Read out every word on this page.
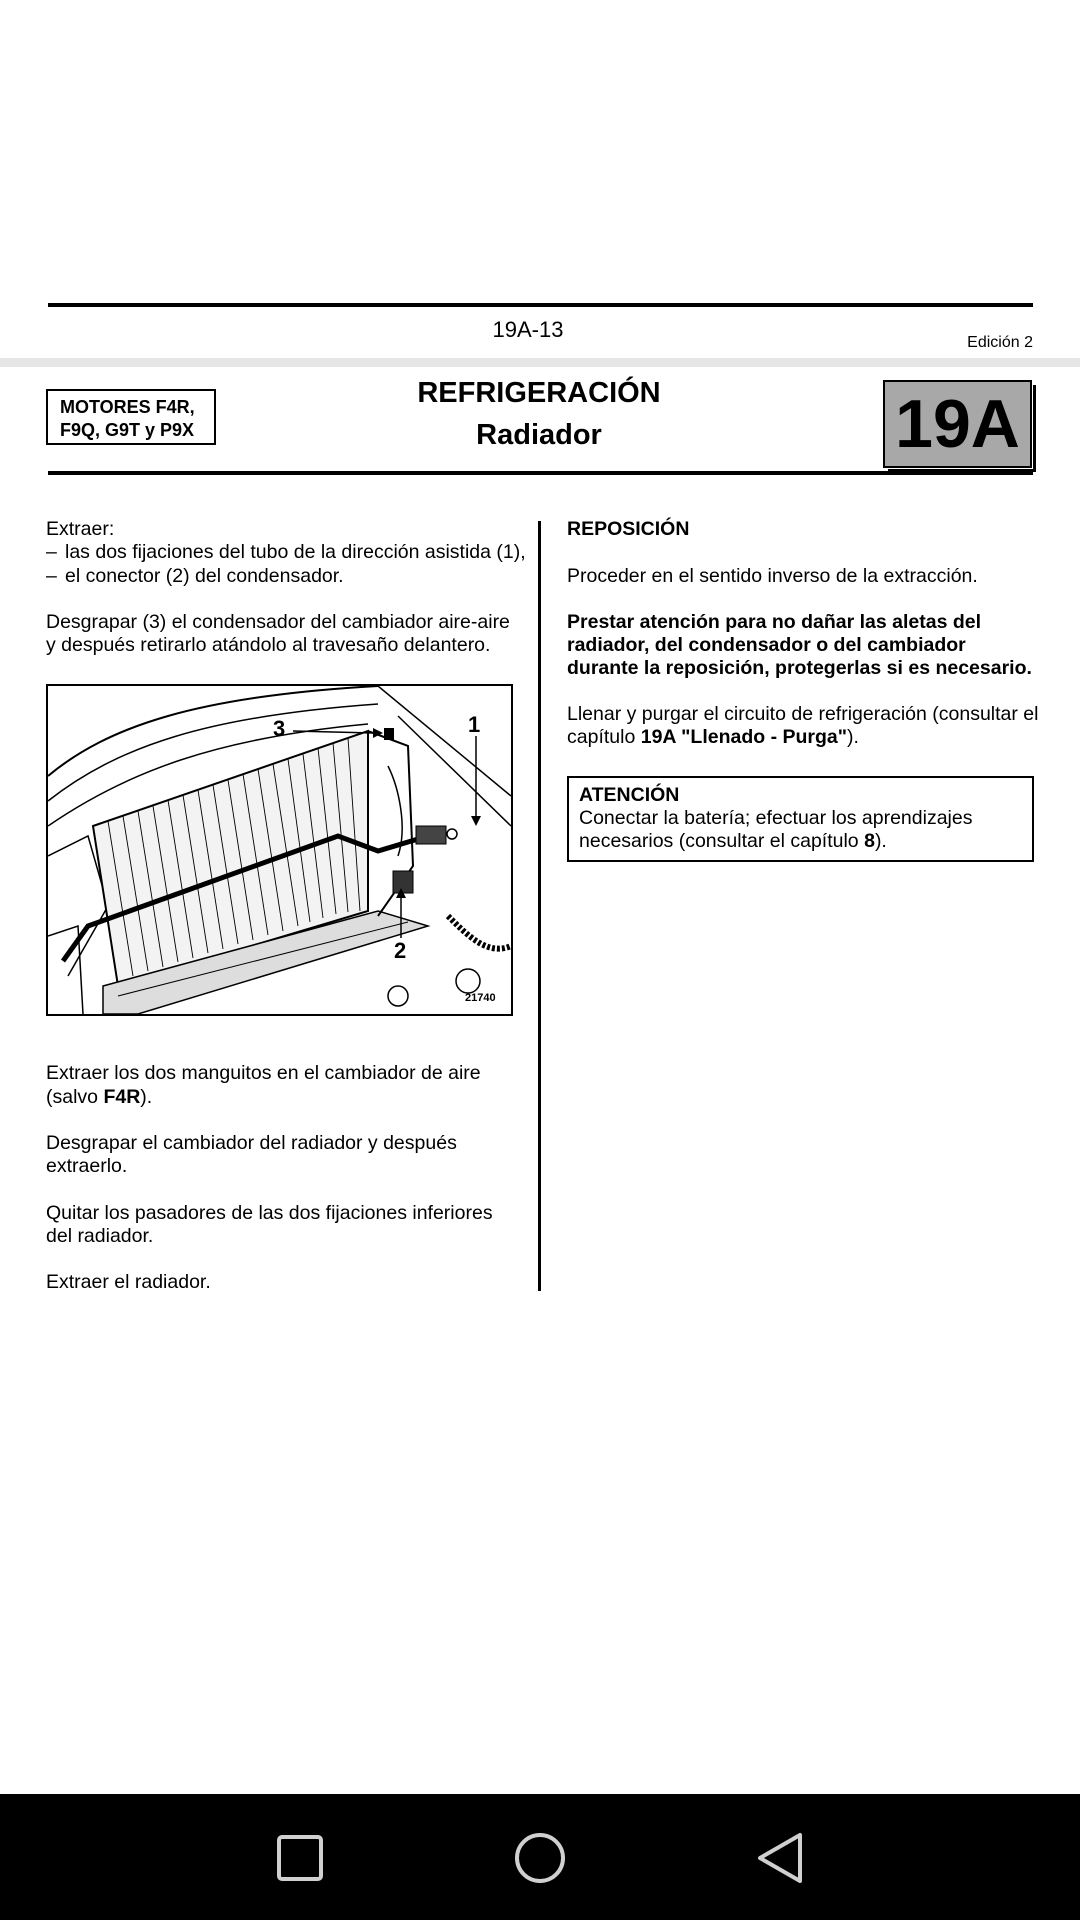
19A-13
Edición 2
MOTORES F4R,
F9Q, G9T y P9X
REFRIGERACIÓN
Radiador	19A
Extraer:
– las dos fijaciones del tubo de la dirección asistida (1),
– el conector (2) del condensador.
Desgrapar (3) el condensador del cambiador aire-aire
y después retirarlo atándolo al travesaño delantero.
3	1
2
21740
Extraer los dos manguitos en el cambiador de aire
(salvo F4R).
Desgrapar el cambiador del radiador y después
extraerlo.
Quitar los pasadores de las dos fijaciones inferiores
del radiador.
Extraer el radiador.
REPOSICIÓN
Proceder en el sentido inverso de la extracción.
Prestar atención para no dañar las aletas del
radiador, del condensador o del cambiador
durante la reposición, protegerlas si es necesario.
Llenar y purgar el circuito de refrigeración (consultar el
capítulo 19A "Llenado - Purga").
ATENCIÓN
Conectar la batería; efectuar los aprendizajes
necesarios (consultar el capítulo 8).
